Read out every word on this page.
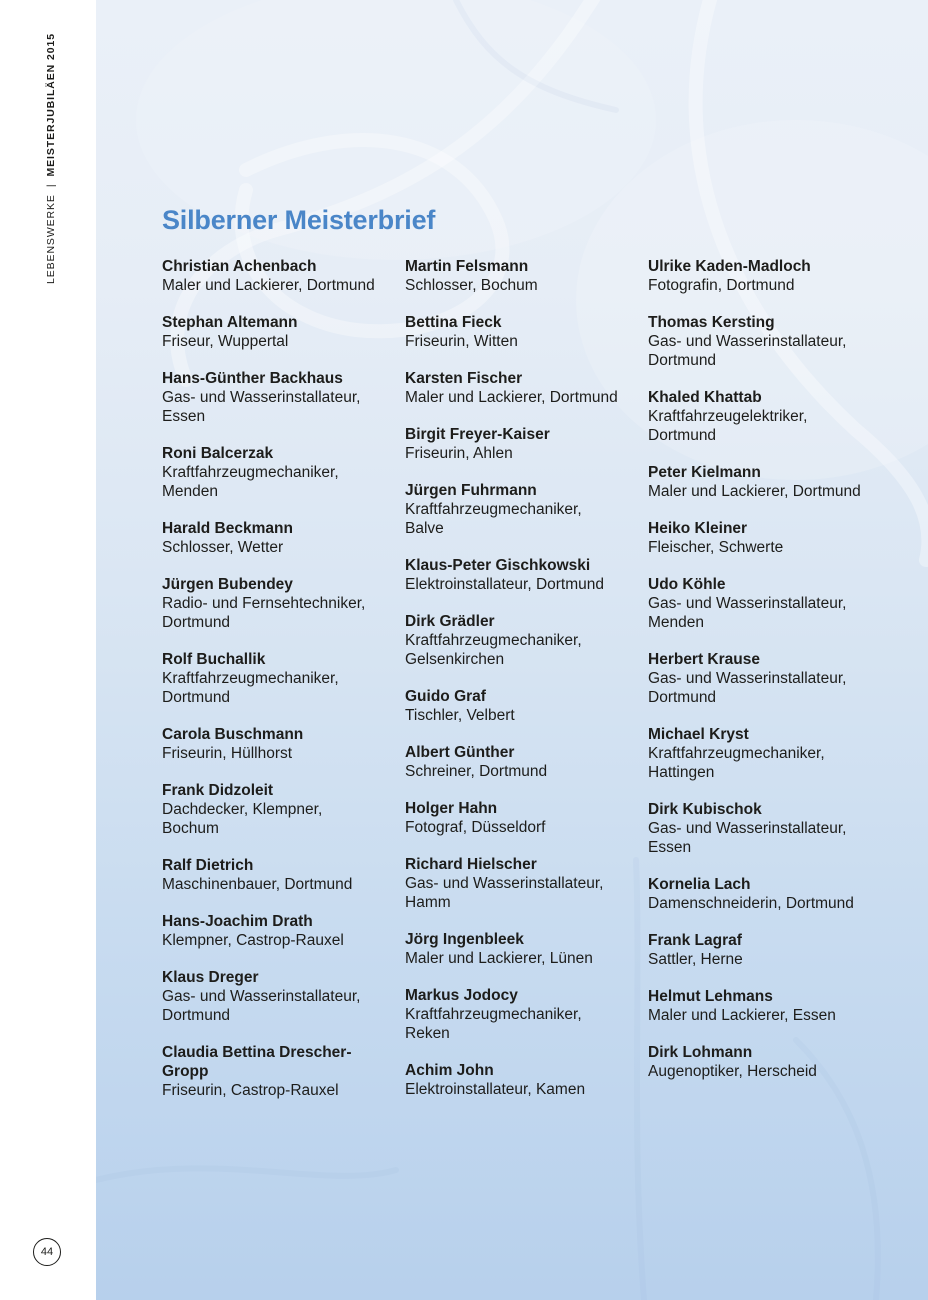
Silberner Meisterbrief
Christian Achenbach
Maler und Lackierer, Dortmund
Stephan Altemann
Friseur, Wuppertal
Hans-Günther Backhaus
Gas- und Wasserinstallateur, Essen
Roni Balcerzak
Kraftfahrzeugmechaniker, Menden
Harald Beckmann
Schlosser, Wetter
Jürgen Bubendey
Radio- und Fernsehtechniker, Dortmund
Rolf Buchallik
Kraftfahrzeugmechaniker, Dortmund
Carola Buschmann
Friseurin, Hüllhorst
Frank Didzoleit
Dachdecker, Klempner, Bochum
Ralf Dietrich
Maschinenbauer, Dortmund
Hans-Joachim Drath
Klempner, Castrop-Rauxel
Klaus Dreger
Gas- und Wasserinstallateur, Dortmund
Claudia Bettina Drescher-Gropp
Friseurin, Castrop-Rauxel
Martin Felsmann
Schlosser, Bochum
Bettina Fieck
Friseurin, Witten
Karsten Fischer
Maler und Lackierer, Dortmund
Birgit Freyer-Kaiser
Friseurin, Ahlen
Jürgen Fuhrmann
Kraftfahrzeugmechaniker, Balve
Klaus-Peter Gischkowski
Elektroinstallateur, Dortmund
Dirk Grädler
Kraftfahrzeugmechaniker, Gelsenkirchen
Guido Graf
Tischler, Velbert
Albert Günther
Schreiner, Dortmund
Holger Hahn
Fotograf, Düsseldorf
Richard Hielscher
Gas- und Wasserinstallateur, Hamm
Jörg Ingenbleek
Maler und Lackierer, Lünen
Markus Jodocy
Kraftfahrzeugmechaniker, Reken
Achim John
Elektroinstallateur, Kamen
Ulrike Kaden-Madloch
Fotografin, Dortmund
Thomas Kersting
Gas- und Wasserinstallateur, Dortmund
Khaled Khattab
Kraftfahrzeugelektriker, Dortmund
Peter Kielmann
Maler und Lackierer, Dortmund
Heiko Kleiner
Fleischer, Schwerte
Udo Köhle
Gas- und Wasserinstallateur, Menden
Herbert Krause
Gas- und Wasserinstallateur, Dortmund
Michael Kryst
Kraftfahrzeugmechaniker, Hattingen
Dirk Kubischok
Gas- und Wasserinstallateur, Essen
Kornelia Lach
Damenschneiderin, Dortmund
Frank Lagraf
Sattler, Herne
Helmut Lehmans
Maler und Lackierer, Essen
Dirk Lohmann
Augenoptiker, Herscheid
LEBENSWERKE|MEISTERJUBILÄEN 2015
44
